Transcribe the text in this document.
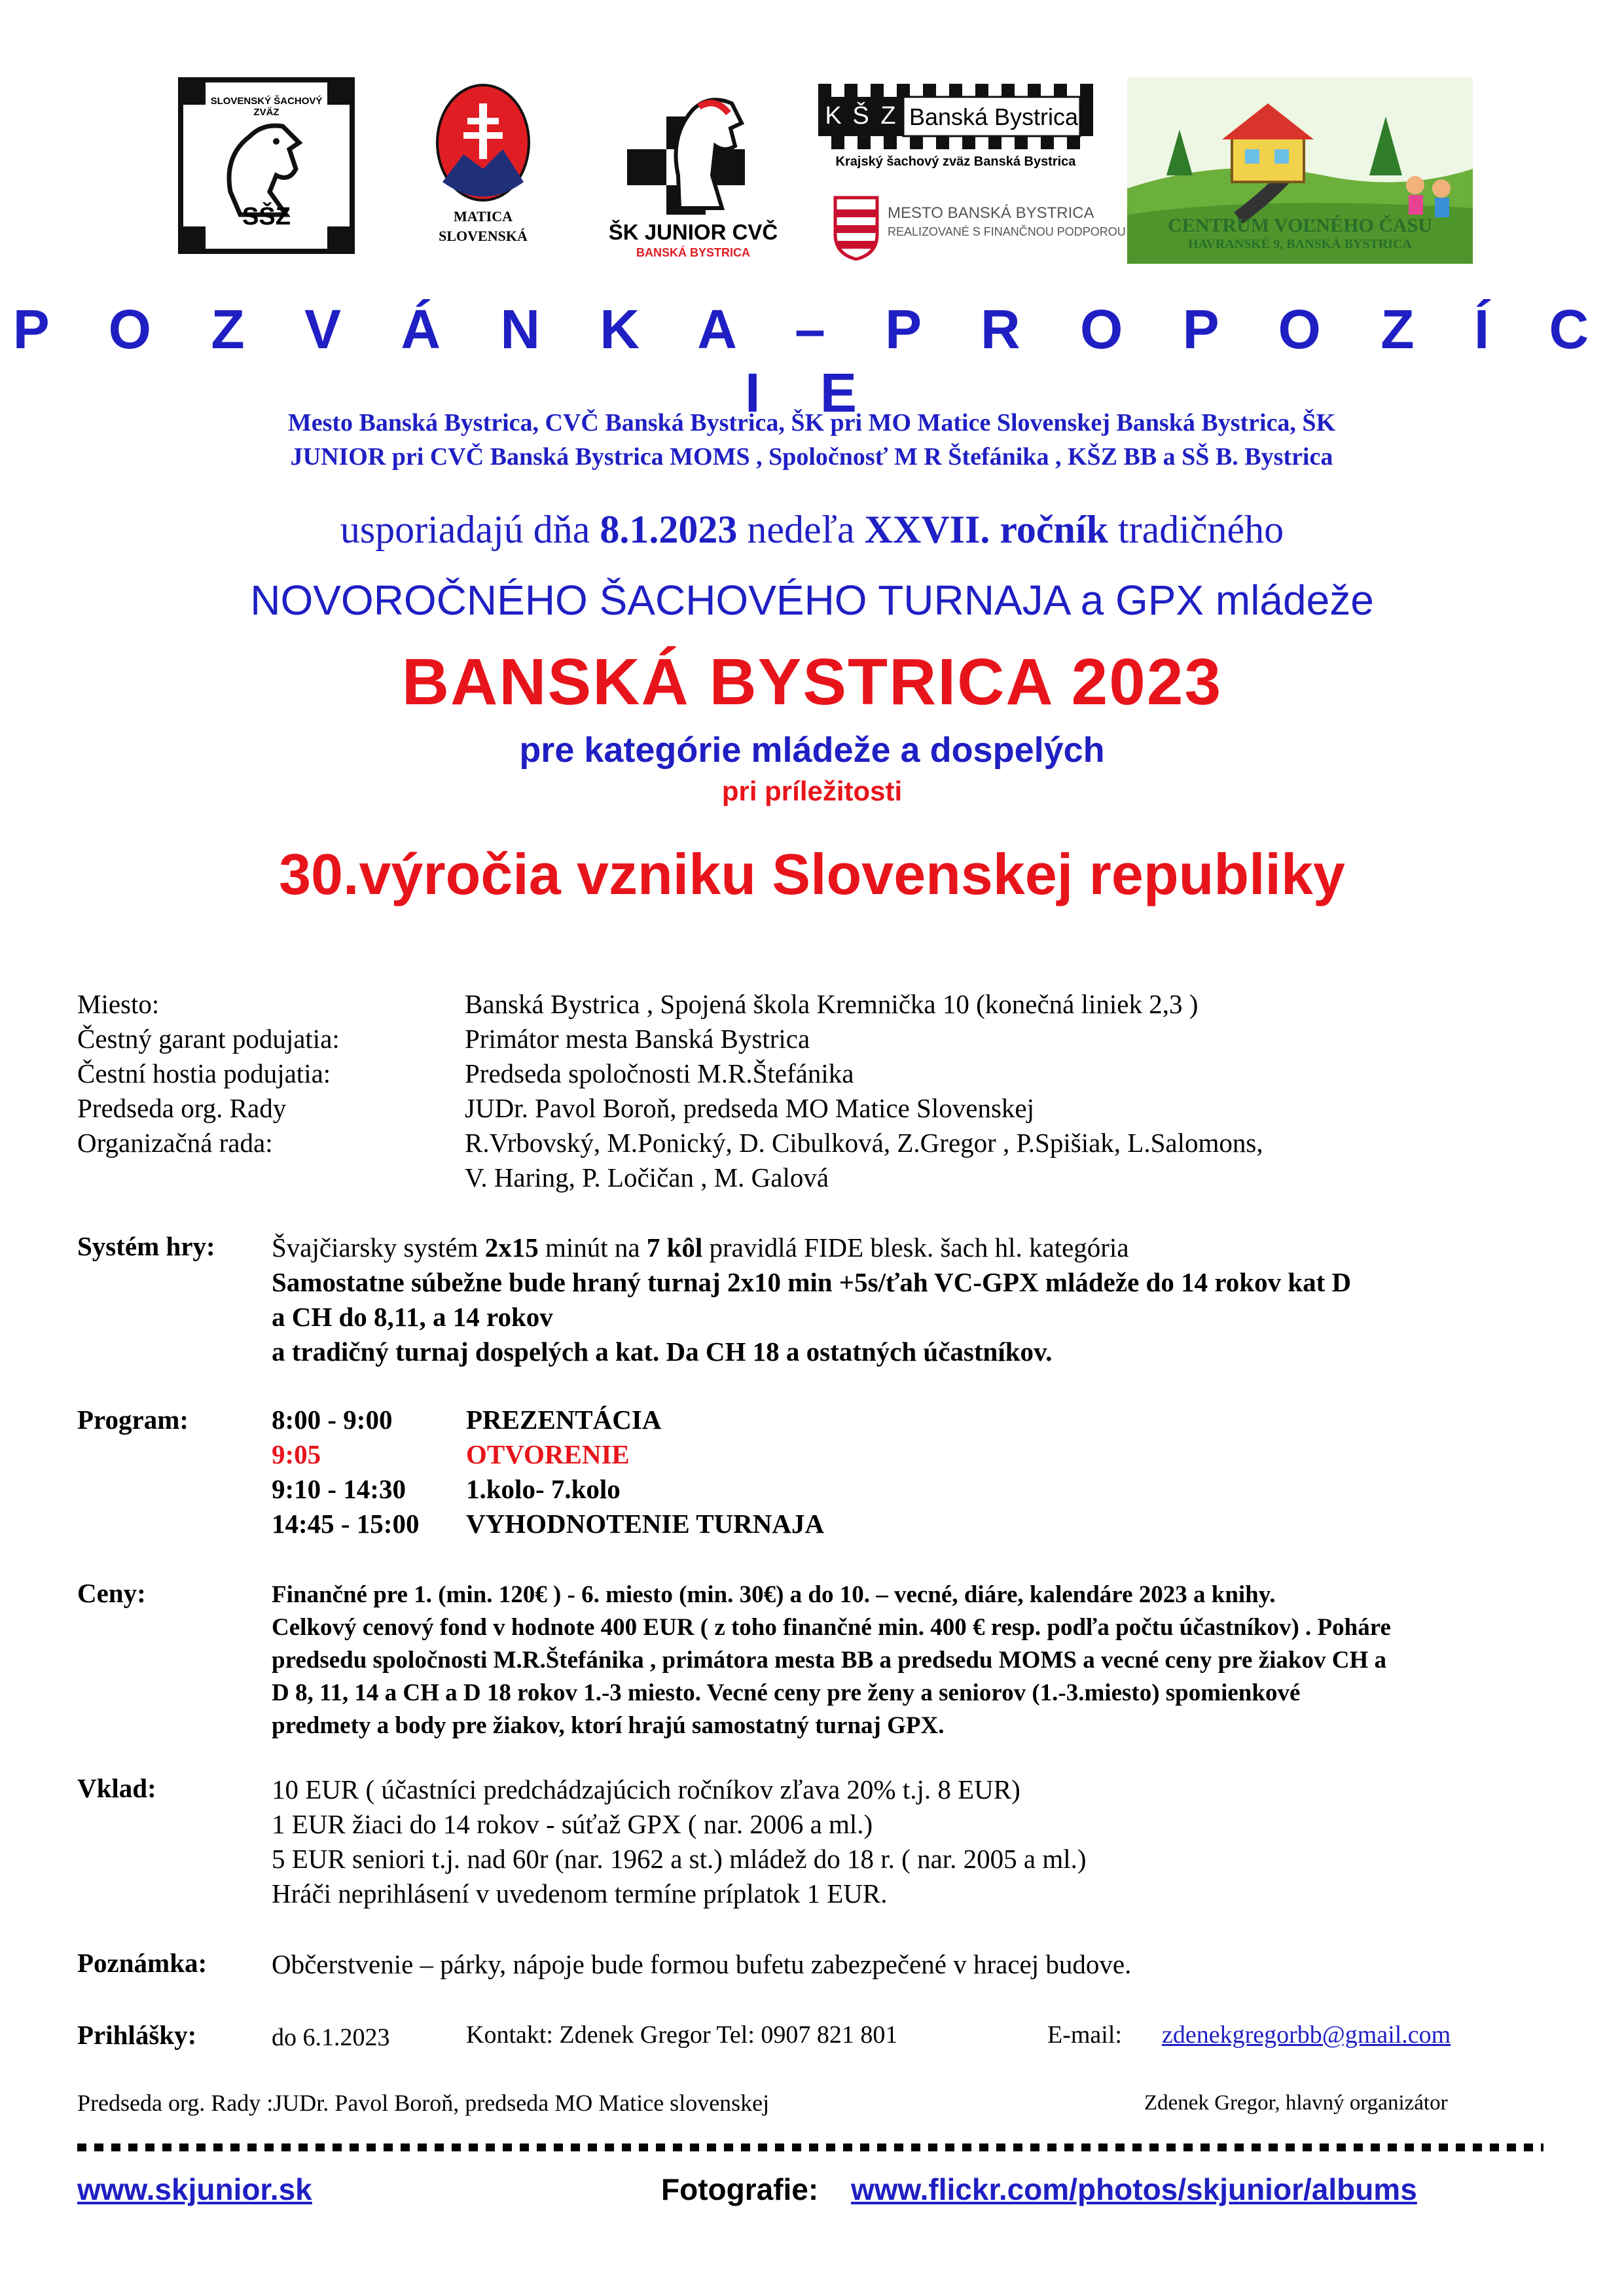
SŠZ
SLOVENSKÝ ŠACHOVÝ ZVÄZ
MATICA
SLOVENSKÁ	ŠK JUNIOR CVČ
BANSKÁ BYSTRICA
K Š Z Banská Bystrica
Krajský šachový zväz Banská Bystrica
MESTO BANSKÁ BYSTRICA
REALIZOVANÉ S FINANČNOU PODPOROU	CENTRUM VOĽNÉHO ČASU
HAVRANSKÉ 9, BANSKÁ BYSTRICA
P O Z V Á N K A – P R O P O Z Í C I E
Mesto Banská Bystrica, CVČ Banská Bystrica, ŠK pri MO Matice Slovenskej Banská Bystrica, ŠK
JUNIOR pri CVČ Banská Bystrica MOMS , Spoločnosť M R Štefánika , KŠZ BB a SŠ B. Bystrica
usporiadajú dňa 8.1.2023 nedeľa XXVII. ročník tradičného
NOVOROČNÉHO ŠACHOVÉHO TURNAJA a GPX mládeže
BANSKÁ BYSTRICA 2023
pre kategórie mládeže a dospelých
pri príležitosti
30.výročia vzniku Slovenskej republiky
Miesto:	Banská Bystrica , Spojená škola Kremnička 10 (konečná liniek 2,3 )
Čestný garant podujatia:	Primátor mesta Banská Bystrica
Čestní hostia podujatia:	Predseda spoločnosti M.R.Štefánika
Predseda org. Rady	JUDr. Pavol Boroň, predseda MO Matice Slovenskej
Organizačná rada:	R.Vrbovský, M.Ponický, D. Cibulková, Z.Gregor , P.Spišiak, L.Salomons,
V. Haring, P. Ločičan , M. Galová
Systém hry: Švajčiarsky systém 2x15 minút na 7 kôl pravidlá FIDE blesk. šach hl. kategória
Samostatne súbežne bude hraný turnaj 2x10 min +5s/ťah VC-GPX mládeže do 14 rokov kat D
a CH do 8,11, a 14 rokov
a tradičný turnaj dospelých a kat. Da CH 18 a ostatných účastníkov.
Program:	8:00 - 9:00	PREZENTÁCIA
9:05	OTVORENIE
9:10 - 14:30 1.kolo- 7.kolo
14:45 - 15:00 VYHODNOTENIE TURNAJA
Ceny:	Finančné pre 1. (min. 120€ ) - 6. miesto (min. 30€) a do 10. – vecné, diáre, kalendáre 2023 a knihy.
Celkový cenový fond v hodnote 400 EUR ( z toho finančné min. 400 € resp. podľa počtu účastníkov) . Poháre
predsedu spoločnosti M.R.Štefánika , primátora mesta BB a predsedu MOMS a vecné ceny pre žiakov CH a
D 8, 11, 14 a CH a D 18 rokov 1.-3 miesto. Vecné ceny pre ženy a seniorov (1.-3.miesto) spomienkové
predmety a body pre žiakov, ktorí hrajú samostatný turnaj GPX.
Vklad:	10 EUR ( účastníci predchádzajúcich ročníkov zľava 20% t.j. 8 EUR)
1 EUR žiaci do 14 rokov - súťaž GPX ( nar. 2006 a ml.)
5 EUR seniori t.j. nad 60r (nar. 1962 a st.) mládež do 18 r. ( nar. 2005 a ml.)
Hráči neprihlásení v uvedenom termíne príplatok 1 EUR.
Poznámka: Občerstvenie – párky, nápoje bude formou bufetu zabezpečené v hracej budove.
Prihlášky:	do 6.1.2023	Kontakt: Zdenek Gregor Tel: 0907 821 801	E-mail: zdenekgregorbb@gmail.com
Predseda org. Rady :JUDr. Pavol Boroň, predseda MO Matice slovenskej	Zdenek Gregor, hlavný organizátor
www.skjunior.sk	Fotografie: www.flickr.com/photos/skjunior/albums
